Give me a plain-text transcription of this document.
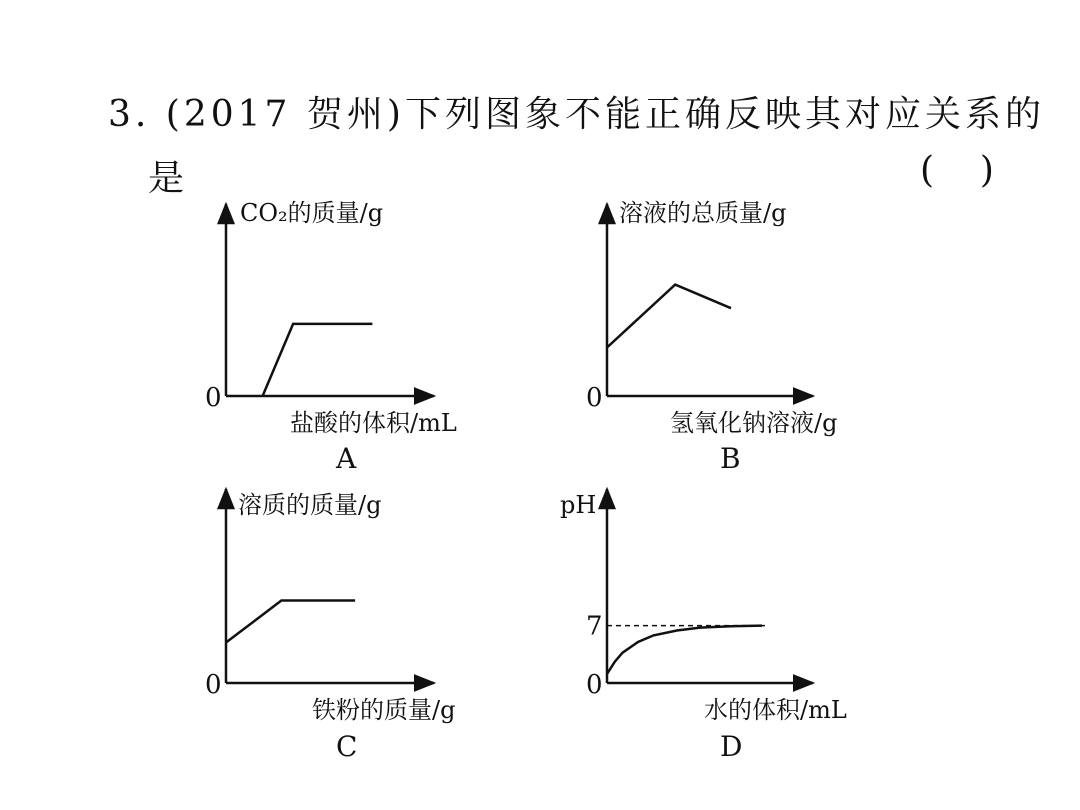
3. (2017 贺州)下列图象不能正确反映其对应关系的
是	(    )
CO₂的质量/g
0
盐酸的体积/mL
A
溶液的总质量/g
0
氢氧化钠溶液/g
B
溶质的质量/g
0
铁粉的质量/g
C
pH
7
0
水的体积/mL
D
